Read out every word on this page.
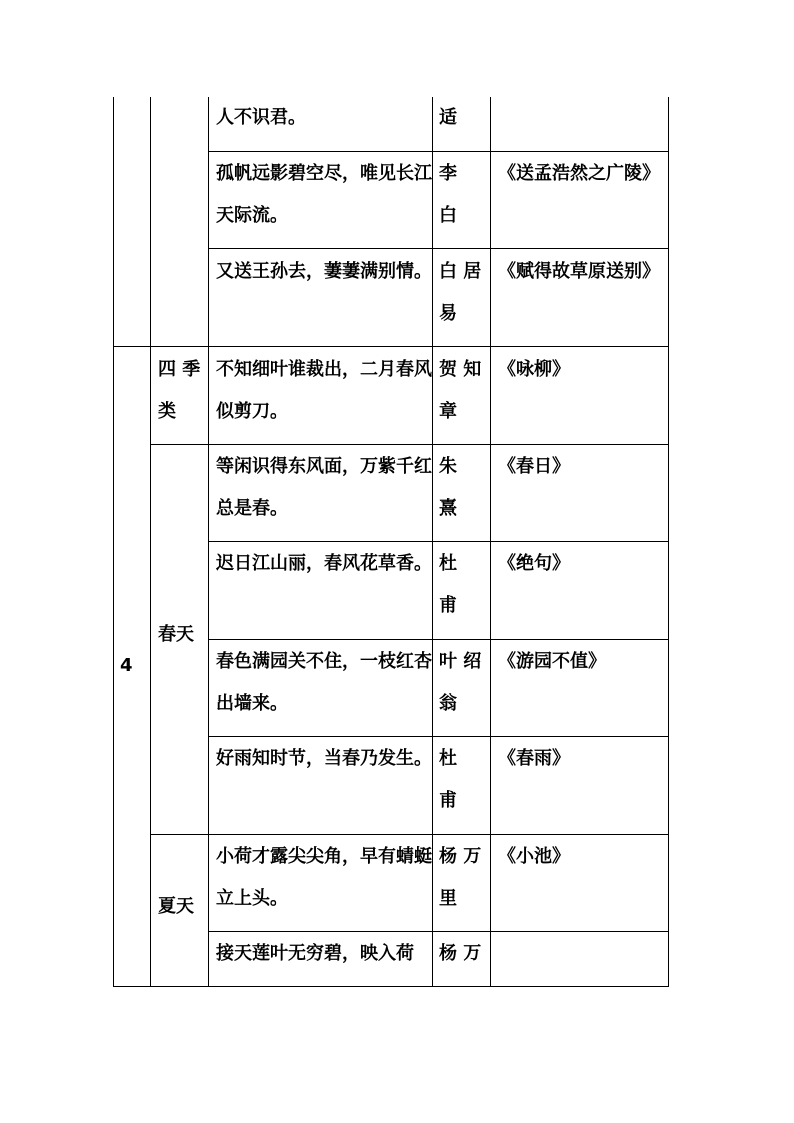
4
四 季
类
春天
夏天
人不识君。	适
孤帆远影碧空尽，唯见长江天际流。
李
白
《送孟浩然之广陵》
又送王孙去，萋萋满别情。 白 居
易
《赋得故草原送别》
不知细叶谁裁出，二月春风似剪刀。
贺 知
章
《咏柳》
等闲识得东风面，万紫千红总是春。
朱
熹
《春日》
迟日江山丽，春风花草香。 杜
甫
《绝句》
春色满园关不住，一枝红杏出墙来。
叶 绍
翁
《游园不值》
好雨知时节，当春乃发生。 杜
甫
《春雨》
小荷才露尖尖角，早有蜻蜓立上头。
杨 万
里
《小池》
接天莲叶无穷碧，映入荷	杨 万
